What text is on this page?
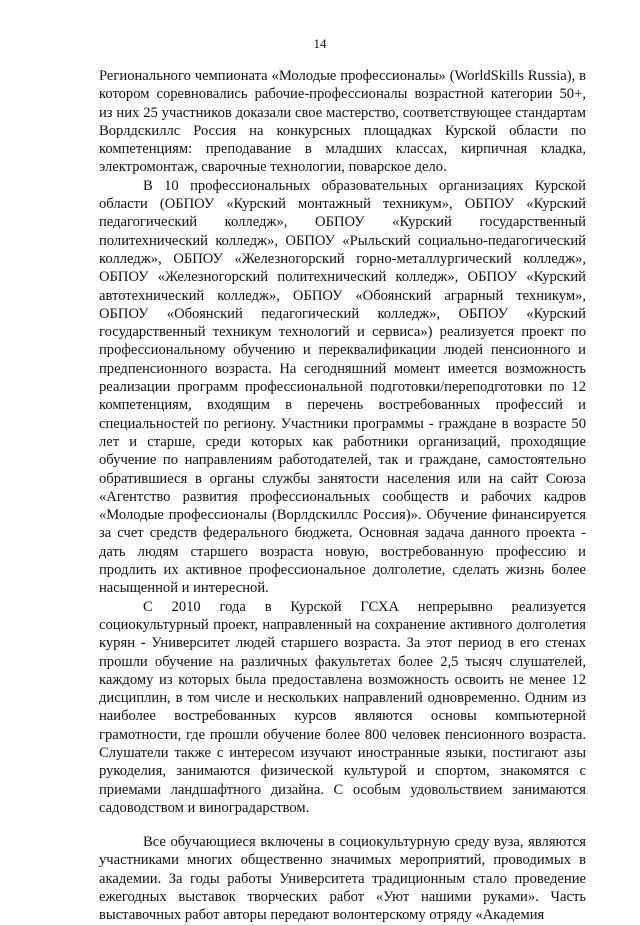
14

Регионального чемпионата «Молодые профессионалы» (WorldSkills Russia), в котором соревновались рабочие-профессионалы возрастной категории 50+, из них 25 участников доказали свое мастерство, соответствующее стандартам Ворлдскиллс Россия на конкурсных площадках Курской области по компетенциям: преподавание в младших классах, кирпичная кладка, электромонтаж, сварочные технологии, поварское дело.

В 10 профессиональных образовательных организациях Курской области (ОБПОУ «Курский монтажный техникум», ОБПОУ «Курский педагогический колледж», ОБПОУ «Курский государственный политехнический колледж», ОБПОУ «Рыльский социально-педагогический колледж», ОБПОУ «Железногорский горно-металлургический колледж», ОБПОУ «Железногорский политехнический колледж», ОБПОУ «Курский автотехнический колледж», ОБПОУ «Обоянский аграрный техникум», ОБПОУ «Обоянский педагогический колледж», ОБПОУ «Курский государственный техникум технологий и сервиса») реализуется проект по профессиональному обучению и переквалификации людей пенсионного и предпенсионного возраста. На сегодняшний момент имеется возможность реализации программ профессиональной подготовки/переподготовки по 12 компетенциям, входящим в перечень востребованных профессий и специальностей по региону. Участники программы - граждане в возрасте 50 лет и старше, среди которых как работники организаций, проходящие обучение по направлениям работодателей, так и граждане, самостоятельно обратившиеся в органы службы занятости населения или на сайт Союза «Агентство развития профессиональных сообществ и рабочих кадров «Молодые профессионалы (Ворлдскиллс Россия)». Обучение финансируется за счет средств федерального бюджета. Основная задача данного проекта - дать людям старшего возраста новую, востребованную профессию и продлить их активное профессиональное долголетие, сделать жизнь более насыщенной и интересной.

С 2010 года в Курской ГСХА непрерывно реализуется социокультурный проект, направленный на сохранение активного долголетия курян - Университет людей старшего возраста. За этот период в его стенах прошли обучение на различных факультетах более 2,5 тысяч слушателей, каждому из которых была предоставлена возможность освоить не менее 12 дисциплин, в том числе и нескольких направлений одновременно. Одним из наиболее востребованных курсов являются основы компьютерной грамотности, где прошли обучение более 800 человек пенсионного возраста. Слушатели также с интересом изучают иностранные языки, постигают азы рукоделия, занимаются физической культурой и спортом, знакомятся с приемами ландшафтного дизайна. С особым удовольствием занимаются садоводством и виноградарством.

Все обучающиеся включены в социокультурную среду вуза, являются участниками многих общественно значимых мероприятий, проводимых в академии. За годы работы Университета традиционным стало проведение ежегодных выставок творческих работ «Уют нашими руками». Часть выставочных работ авторы передают волонтерскому отряду «Академия
